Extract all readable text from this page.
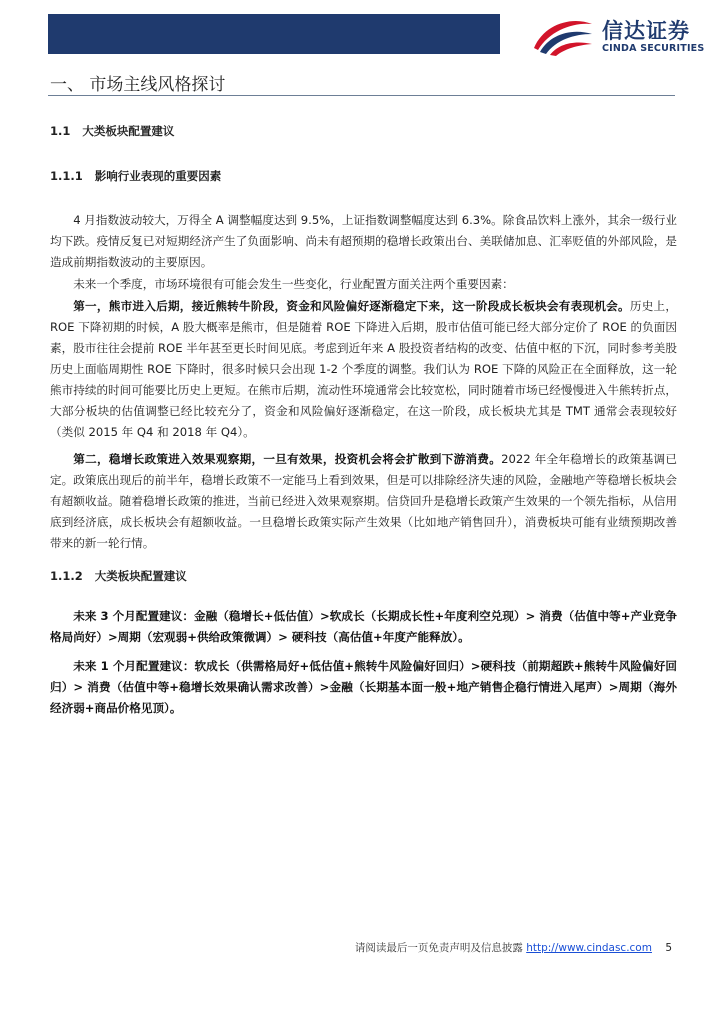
信达证券
CINDA SECURITIES
一、 市场主线风格探讨
1.1 大类板块配置建议
1.1.1 影响行业表现的重要因素

4 月指数波动较大，万得全 A 调整幅度达到 9.5%，上证指数调整幅度达到 6.3%。除食品饮料上涨外，其余一级行业均下跌。疫情反复已对短期经济产生了负面影响、尚未有超预期的稳增长政策出台、美联储加息、汇率贬值的外部风险，是造成前期指数波动的主要原因。

未来一个季度，市场环境很有可能会发生一些变化，行业配置方面关注两个重要因素：

第一，熊市进入后期，接近熊转牛阶段，资金和风险偏好逐渐稳定下来，这一阶段成长板块会有表现机会。历史上，ROE 下降初期的时候，A 股大概率是熊市，但是随着 ROE 下降进入后期，股市估值可能已经大部分定价了 ROE 的负面因素，股市往往会提前 ROE 半年甚至更长时间见底。考虑到近年来 A 股投资者结构的改变、估值中枢的下沉，同时参考美股历史上面临周期性 ROE 下降时，很多时候只会出现 1-2 个季度的调整。我们认为 ROE 下降的风险正在全面释放，这一轮熊市持续的时间可能要比历史上更短。在熊市后期，流动性环境通常会比较宽松，同时随着市场已经慢慢进入牛熊转折点，大部分板块的估值调整已经比较充分了，资金和风险偏好逐渐稳定，在这一阶段，成长板块尤其是 TMT 通常会表现较好（类似 2015 年 Q4 和 2018 年 Q4）。

第二，稳增长政策进入效果观察期，一旦有效果，投资机会将会扩散到下游消费。2022 年全年稳增长的政策基调已定。政策底出现后的前半年，稳增长政策不一定能马上看到效果，但是可以排除经济失速的风险，金融地产等稳增长板块会有超额收益。随着稳增长政策的推进，当前已经进入效果观察期。信贷回升是稳增长政策产生效果的一个领先指标，从信用底到经济底，成长板块会有超额收益。一旦稳增长政策实际产生效果（比如地产销售回升），消费板块可能有业绩预期改善带来的新一轮行情。

1.1.2 大类板块配置建议

未来 3 个月配置建议：金融（稳增长+低估值）>软成长（长期成长性+年度利空兑现）> 消费（估值中等+产业竞争格局尚好）>周期（宏观弱+供给政策微调）> 硬科技（高估值+年度产能释放）。

未来 1 个月配置建议：软成长（供需格局好+低估值+熊转牛风险偏好回归）>硬科技（前期超跌+熊转牛风险偏好回归）> 消费（估值中等+稳增长效果确认需求改善）>金融（长期基本面一般+地产销售企稳行情进入尾声）>周期（海外经济弱+商品价格见顶）。

请阅读最后一页免责声明及信息披露 http://www.cindasc.com 5
